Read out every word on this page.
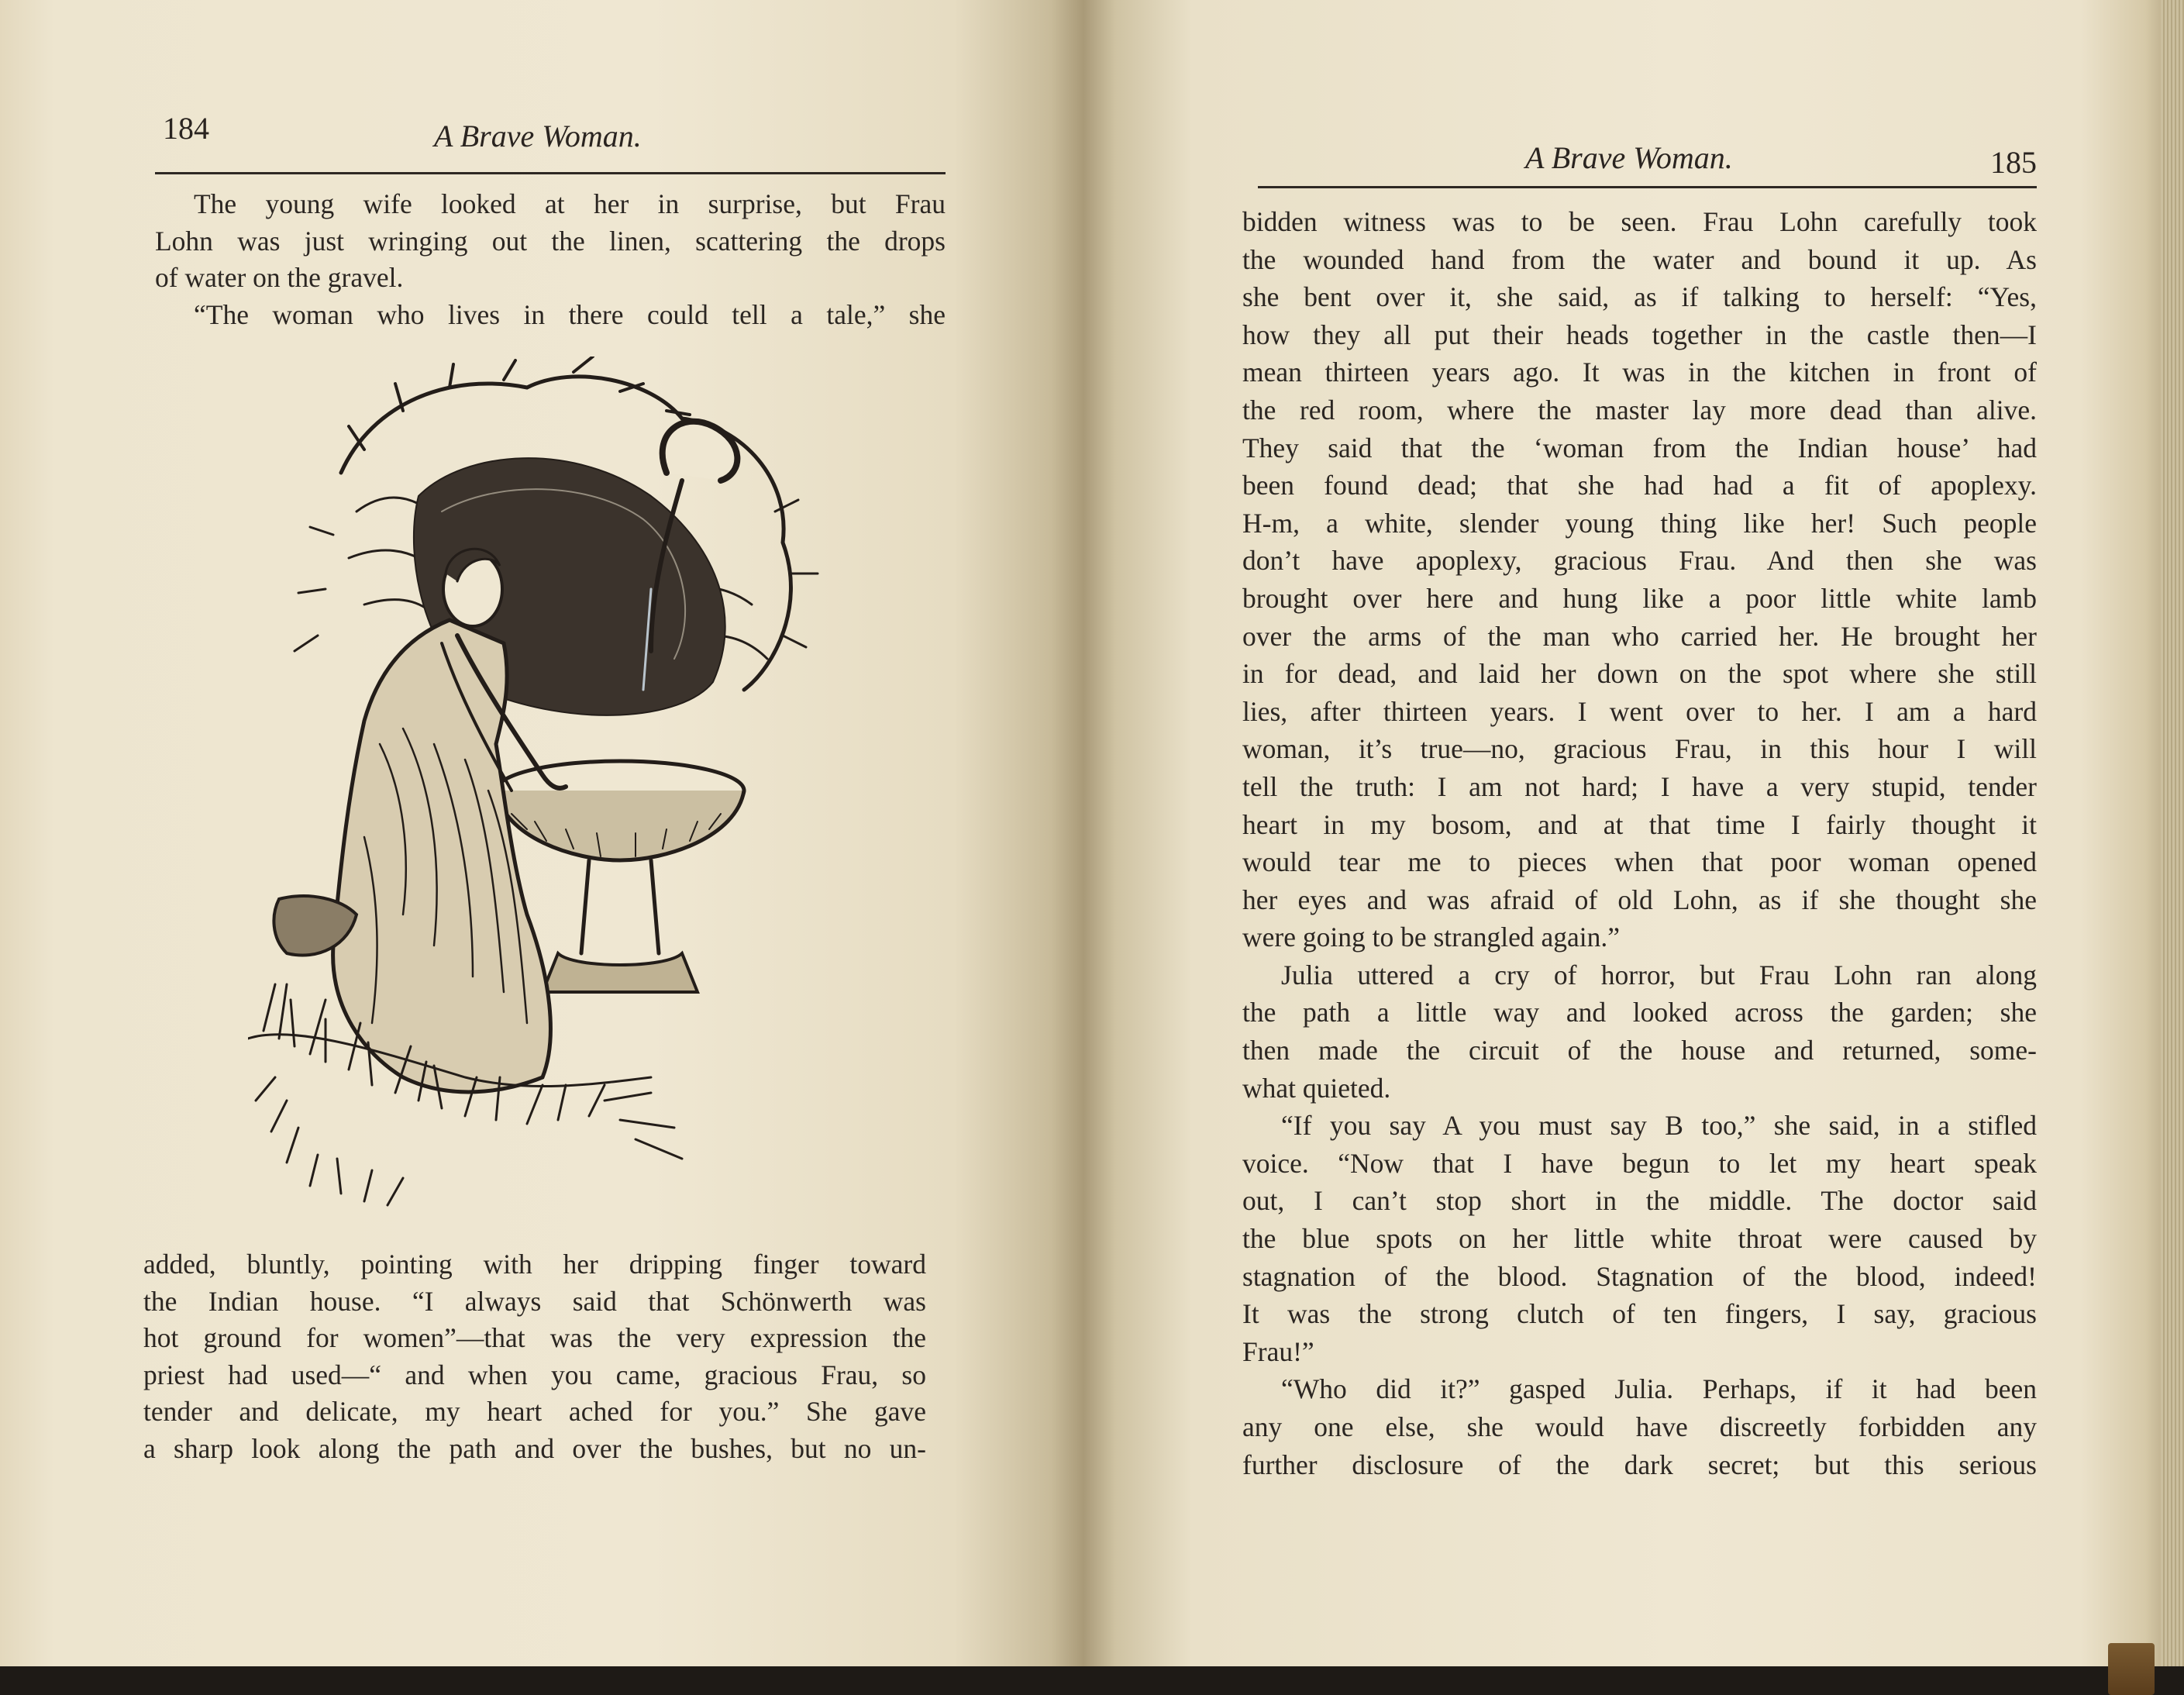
184	A Brave Woman.
The young wife looked at her in surprise, but Frau
Lohn was just wringing out the linen, scattering the drops
of water on the gravel.
“The woman who lives in there could tell a tale,” she
added, bluntly, pointing with her dripping finger toward
the Indian house. “I always said that Schönwerth was
hot ground for women”—that was the very expression the
priest had used—“ and when you came, gracious Frau, so
tender and delicate, my heart ached for you.” She gave
a sharp look along the path and over the bushes, but no un-
A Brave Woman.	185
bidden witness was to be seen. Frau Lohn carefully took
the wounded hand from the water and bound it up. As
she bent over it, she said, as if talking to herself: “Yes,
how they all put their heads together in the castle then—I
mean thirteen years ago. It was in the kitchen in front of
the red room, where the master lay more dead than alive.
They said that the ‘woman from the Indian house’ had
been found dead; that she had had a fit of apoplexy.
H-m, a white, slender young thing like her! Such people
don’t have apoplexy, gracious Frau. And then she was
brought over here and hung like a poor little white lamb
over the arms of the man who carried her. He brought her
in for dead, and laid her down on the spot where she still
lies, after thirteen years. I went over to her. I am a hard
woman, it’s true—no, gracious Frau, in this hour I will
tell the truth: I am not hard; I have a very stupid, tender
heart in my bosom, and at that time I fairly thought it
would tear me to pieces when that poor woman opened
her eyes and was afraid of old Lohn, as if she thought she
were going to be strangled again.”
Julia uttered a cry of horror, but Frau Lohn ran along
the path a little way and looked across the garden; she
then made the circuit of the house and returned, some-
what quieted.
“If you say A you must say B too,” she said, in a stifled
voice. “Now that I have begun to let my heart speak
out, I can’t stop short in the middle. The doctor said
the blue spots on her little white throat were caused by
stagnation of the blood. Stagnation of the blood, indeed!
It was the strong clutch of ten fingers, I say, gracious
Frau!”
“Who did it?” gasped Julia. Perhaps, if it had been
any one else, she would have discreetly forbidden any
further disclosure of the dark secret; but this serious
